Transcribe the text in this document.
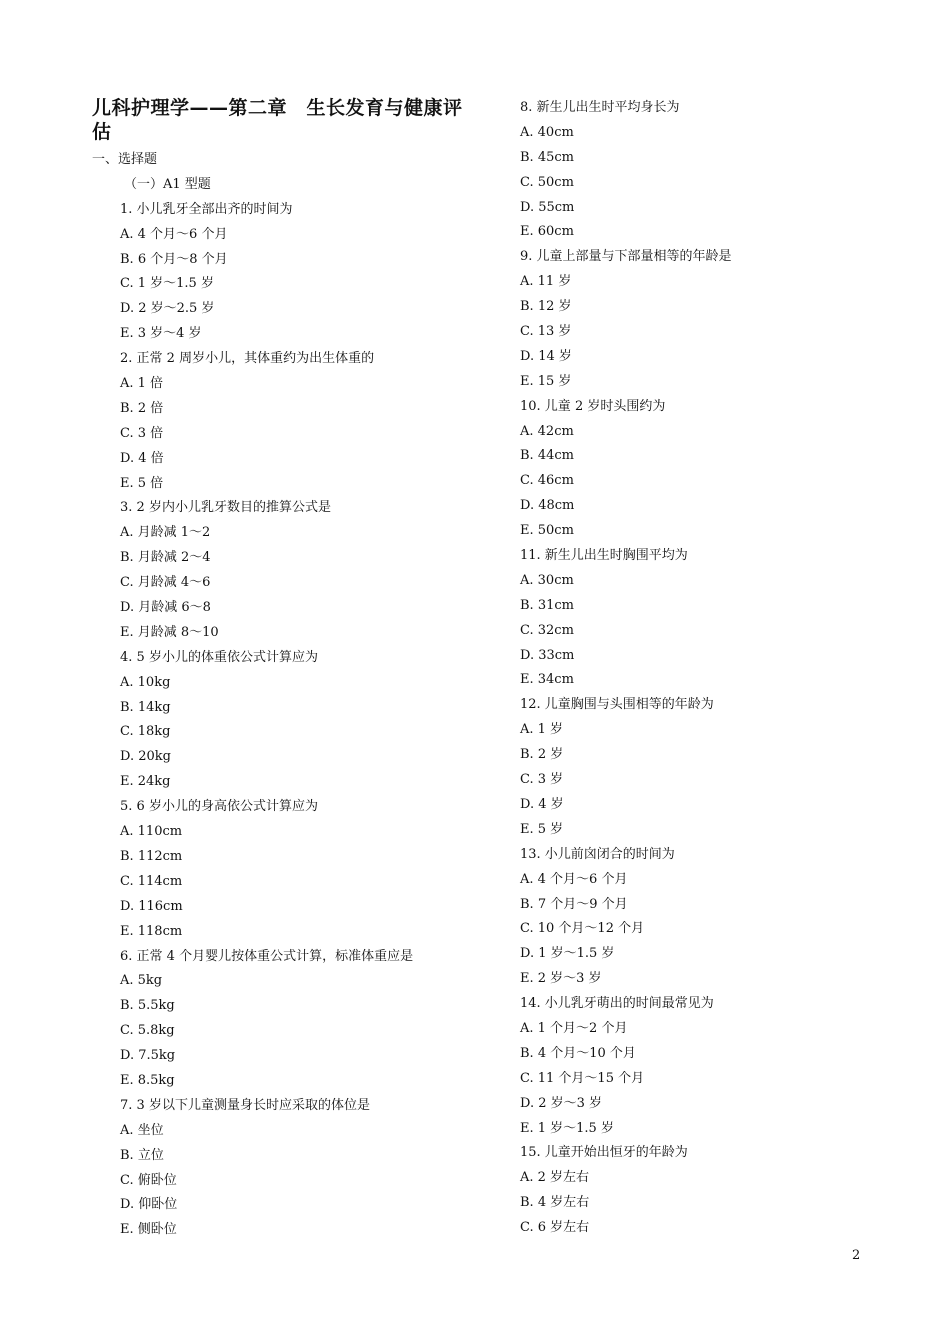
儿科护理学——第二章　生长发育与健康评估
一、选择题
（一）A1 型题
1. 小儿乳牙全部出齐的时间为
A. 4 个月～6 个月
B. 6 个月～8 个月
C. 1 岁～1.5 岁
D. 2 岁～2.5 岁
E. 3 岁～4 岁
2. 正常 2 周岁小儿，其体重约为出生体重的
A. 1 倍
B. 2 倍
C. 3 倍
D. 4 倍
E. 5 倍
3. 2 岁内小儿乳牙数目的推算公式是
A. 月龄减 1～2
B. 月龄减 2～4
C. 月龄减 4～6
D. 月龄减 6～8
E. 月龄减 8～10
4. 5 岁小儿的体重依公式计算应为
A. 10kg
B. 14kg
C. 18kg
D. 20kg
E. 24kg
5. 6 岁小儿的身高依公式计算应为
A. 110cm
B. 112cm
C. 114cm
D. 116cm
E. 118cm
6. 正常 4 个月婴儿按体重公式计算，标准体重应是
A. 5kg
B. 5.5kg
C. 5.8kg
D. 7.5kg
E. 8.5kg
7. 3 岁以下儿童测量身长时应采取的体位是
A. 坐位
B. 立位
C. 俯卧位
D. 仰卧位
E. 侧卧位
8. 新生儿出生时平均身长为
A. 40cm
B. 45cm
C. 50cm
D. 55cm
E. 60cm
9. 儿童上部量与下部量相等的年龄是
A. 11 岁
B. 12 岁
C. 13 岁
D. 14 岁
E. 15 岁
10. 儿童 2 岁时头围约为
A. 42cm
B. 44cm
C. 46cm
D. 48cm
E. 50cm
11. 新生儿出生时胸围平均为
A. 30cm
B. 31cm
C. 32cm
D. 33cm
E. 34cm
12. 儿童胸围与头围相等的年龄为
A. 1 岁
B. 2 岁
C. 3 岁
D. 4 岁
E. 5 岁
13. 小儿前囟闭合的时间为
A. 4 个月～6 个月
B. 7 个月～9 个月
C. 10 个月～12 个月
D. 1 岁～1.5 岁
E. 2 岁～3 岁
14. 小儿乳牙萌出的时间最常见为
A. 1 个月～2 个月
B. 4 个月～10 个月
C. 11 个月～15 个月
D. 2 岁～3 岁
E. 1 岁～1.5 岁
15. 儿童开始出恒牙的年龄为
A. 2 岁左右
B. 4 岁左右
C. 6 岁左右
2
